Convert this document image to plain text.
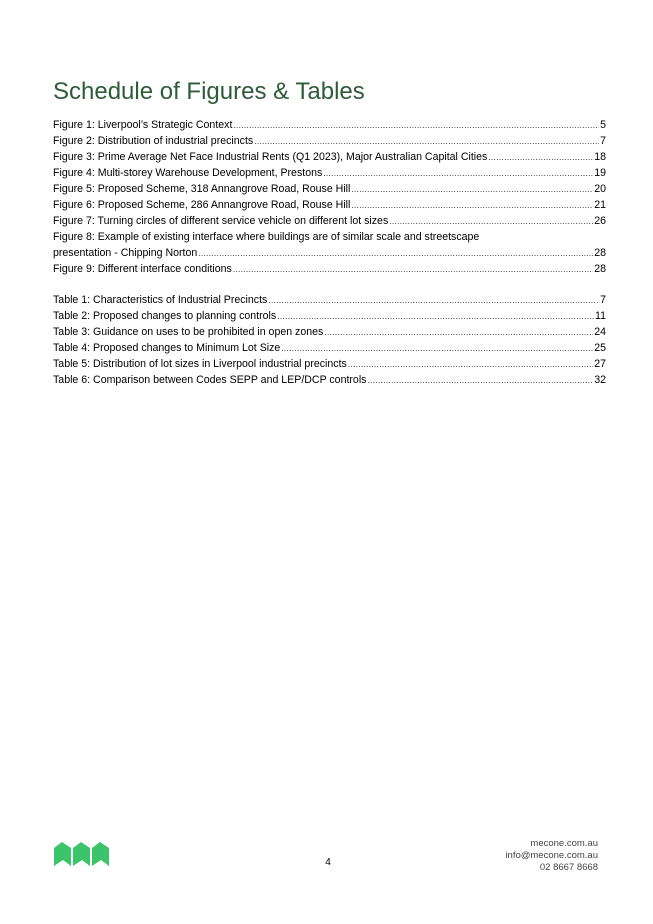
Schedule of Figures & Tables
Figure 1: Liverpool’s Strategic Context .....	5
Figure 2: Distribution of industrial precincts .....	7
Figure 3: Prime Average Net Face Industrial Rents (Q1 2023), Major Australian Capital Cities .....	18
Figure 4: Multi-storey Warehouse Development, Prestons .....	19
Figure 5: Proposed Scheme, 318 Annangrove Road, Rouse Hill .....	20
Figure 6: Proposed Scheme, 286 Annangrove Road, Rouse Hill .....	21
Figure 7: Turning circles of different service vehicle on different lot sizes .....	26
Figure 8: Example of existing interface where buildings are of similar scale and streetscape
presentation - Chipping Norton .....	28
Figure 9: Different interface conditions .....	28
Table 1: Characteristics of Industrial Precincts .....	7
Table 2: Proposed changes to planning controls .....	11
Table 3: Guidance on uses to be prohibited in open zones .....	24
Table 4: Proposed changes to Minimum Lot Size .....	25
Table 5: Distribution of lot sizes in Liverpool industrial precincts .....	27
Table 6: Comparison between Codes SEPP and LEP/DCP controls .....	32
4
mecone.com.au
info@mecone.com.au
02 8667 8668
